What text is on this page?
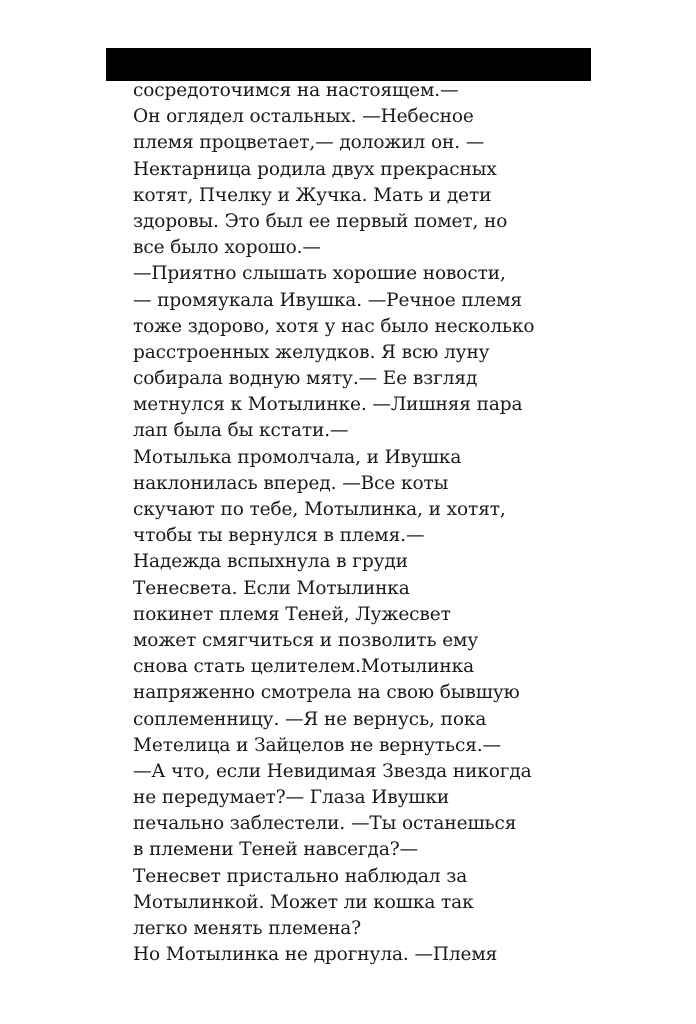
сосредоточимся на настоящем.—
Он оглядел остальных. —Небесное
племя процветает,— доложил он. —
Нектарница родила двух прекрасных
котят, Пчелку и Жучка. Мать и дети
здоровы. Это был ее первый помет, но
все было хорошо.—
—Приятно слышать хорошие новости,
— промяукала Ивушка. —Речное племя
тоже здорово, хотя у нас было несколько
расстроенных желудков. Я всю луну
собирала водную мяту.— Ее взгляд
метнулся к Мотылинке. —Лишняя пара
лап была бы кстати.—
Мотылька промолчала, и Ивушка
наклонилась вперед. —Все коты
скучают по тебе, Мотылинка, и хотят,
чтобы ты вернулся в племя.—
Надежда вспыхнула в груди
Тенесвета. Если Мотылинка
покинет племя Теней, Лужесвет
может смягчиться и позволить ему
снова стать целителем.Мотылинка
напряженно смотрела на свою бывшую
соплеменницу. —Я не вернусь, пока
Метелица и Зайцелов не вернуться.—
—А что, если Невидимая Звезда никогда
не передумает?— Глаза Ивушки
печально заблестели. —Ты останешься
в племени Теней навсегда?—
Тенесвет пристально наблюдал за
Мотылинкой. Может ли кошка так
легко менять племена?
Но Мотылинка не дрогнула. —Племя
